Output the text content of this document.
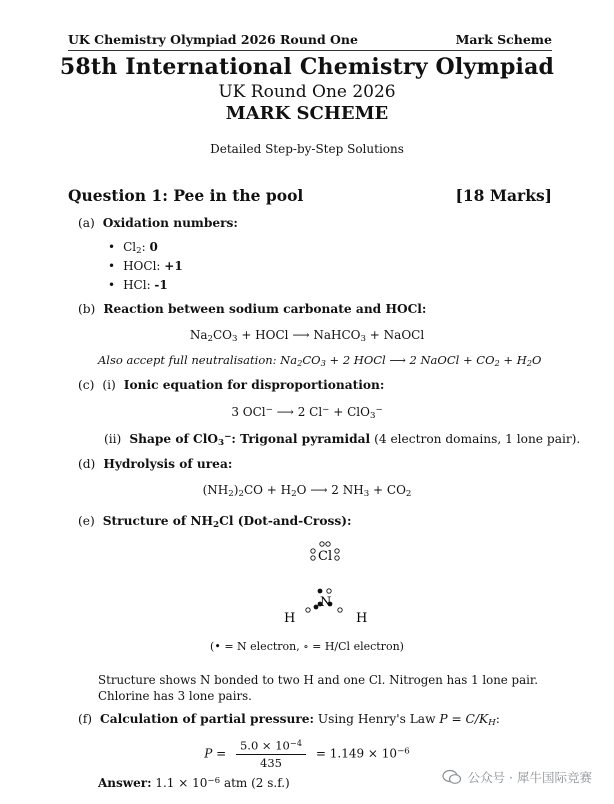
UK Chemistry Olympiad 2026 Round One	Mark Scheme
58th International Chemistry Olympiad
UK Round One 2026
MARK SCHEME
Detailed Step-by-Step Solutions
Question 1: Pee in the pool	[18 Marks]
(a) Oxidation numbers:
• $Cl_2$: 0
• HOCl: +1
• HCl: -1
(b) Reaction between sodium carbonate and HOCl:
$Na_2CO_3$ + HOCl ⟶ NaHCO$_3$ + NaOCl
Also accept full neutralisation: $Na_2CO_3 + 2$ HOCl ⟶ 2 NaOCl + $CO_2 + H_2O$
(c) (i) Ionic equation for disproportionation:
3 OCl− ⟶ 2 Cl− + ClO$_3$−
(ii) Shape of ClO$_3$−: Trigonal pyramidal (4 electron domains, 1 lone pair).
(d) Hydrolysis of urea:
$(NH_2)_2CO + H_2O$ ⟶ 2 $NH_3 + CO_2$
(e) Structure of $NH_2Cl$ (Dot-and-Cross):
Cl
N
H	H
(• = N electron, ∘ = H/Cl electron)
Structure shows N bonded to two H and one Cl. Nitrogen has 1 lone pair. Chlorine has 3 lone pairs.
(f) Calculation of partial pressure: Using Henry's Law $P = C/K_H$:
$P = \frac{5.0 \times 10^{-4}}{435} = 1.149 \times 10^{-6}$
Answer: $1.1 \times 10^{-6}$ atm (2 s.f.)	公众号 · 犀牛国际竞赛
